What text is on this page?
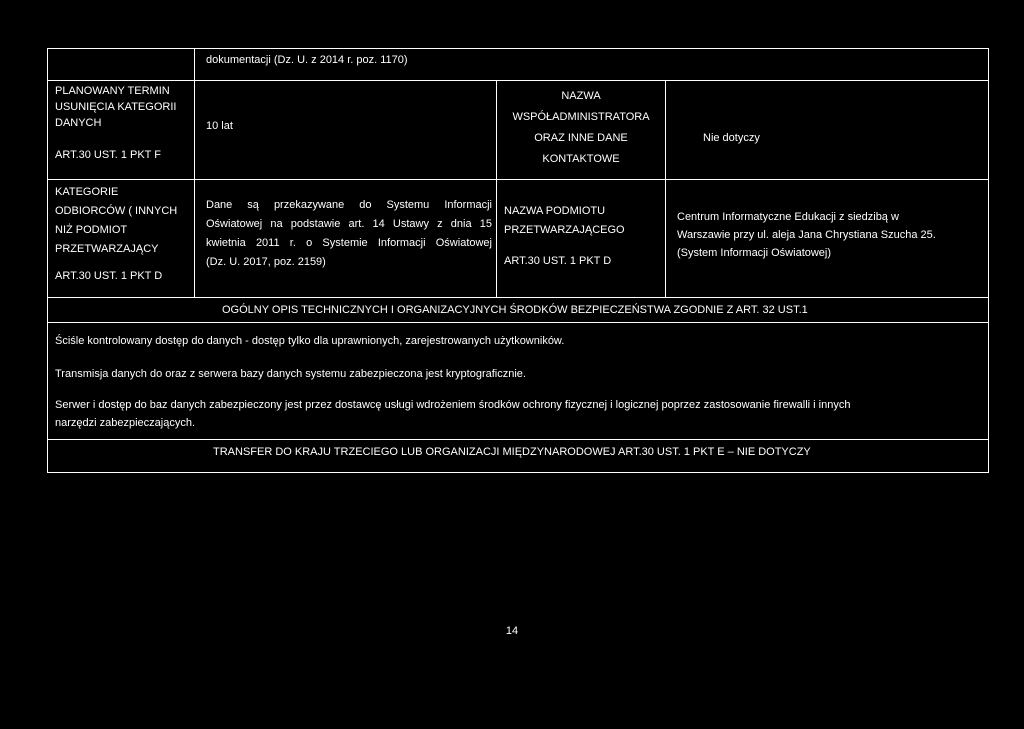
dokumentacji (Dz. U. z 2014 r. poz. 1170)
PLANOWANY TERMIN
USUNIĘCIA KATEGORII
DANYCH
ART.30 UST. 1 PKT F
10 lat
NAZWA
WSPÓŁADMINISTRATORA
ORAZ INNE DANE
KONTAKTOWE
Nie dotyczy
KATEGORIE
ODBIORCÓW ( INNYCH
NIŻ PODMIOT
PRZETWARZAJĄCY
ART.30 UST. 1 PKT D
Dane są przekazywane do Systemu Informacji
Oświatowej na podstawie art. 14 Ustawy z dnia 15
kwietnia 2011 r. o Systemie Informacji Oświatowej
(Dz. U. 2017, poz. 2159)
NAZWA PODMIOTU
PRZETWARZAJĄCEGO
ART.30 UST. 1 PKT D
Centrum Informatyczne Edukacji z siedzibą w
Warszawie przy ul. aleja Jana Chrystiana Szucha 25.
(System Informacji Oświatowej)
OGÓLNY OPIS TECHNICZNYCH I ORGANIZACYJNYCH ŚRODKÓW BEZPIECZEŃSTWA ZGODNIE Z ART. 32 UST.1
Ściśle kontrolowany dostęp do danych - dostęp tylko dla uprawnionych, zarejestrowanych użytkowników.
Transmisja danych do oraz z serwera bazy danych systemu zabezpieczona jest kryptograficznie.
Serwer i dostęp do baz danych zabezpieczony jest przez dostawcę usługi wdrożeniem środków ochrony fizycznej i logicznej poprzez zastosowanie firewalli i innych
narzędzi zabezpieczających.
TRANSFER DO KRAJU TRZECIEGO LUB ORGANIZACJI MIĘDZYNARODOWEJ ART.30 UST. 1 PKT E – NIE DOTYCZY
14
